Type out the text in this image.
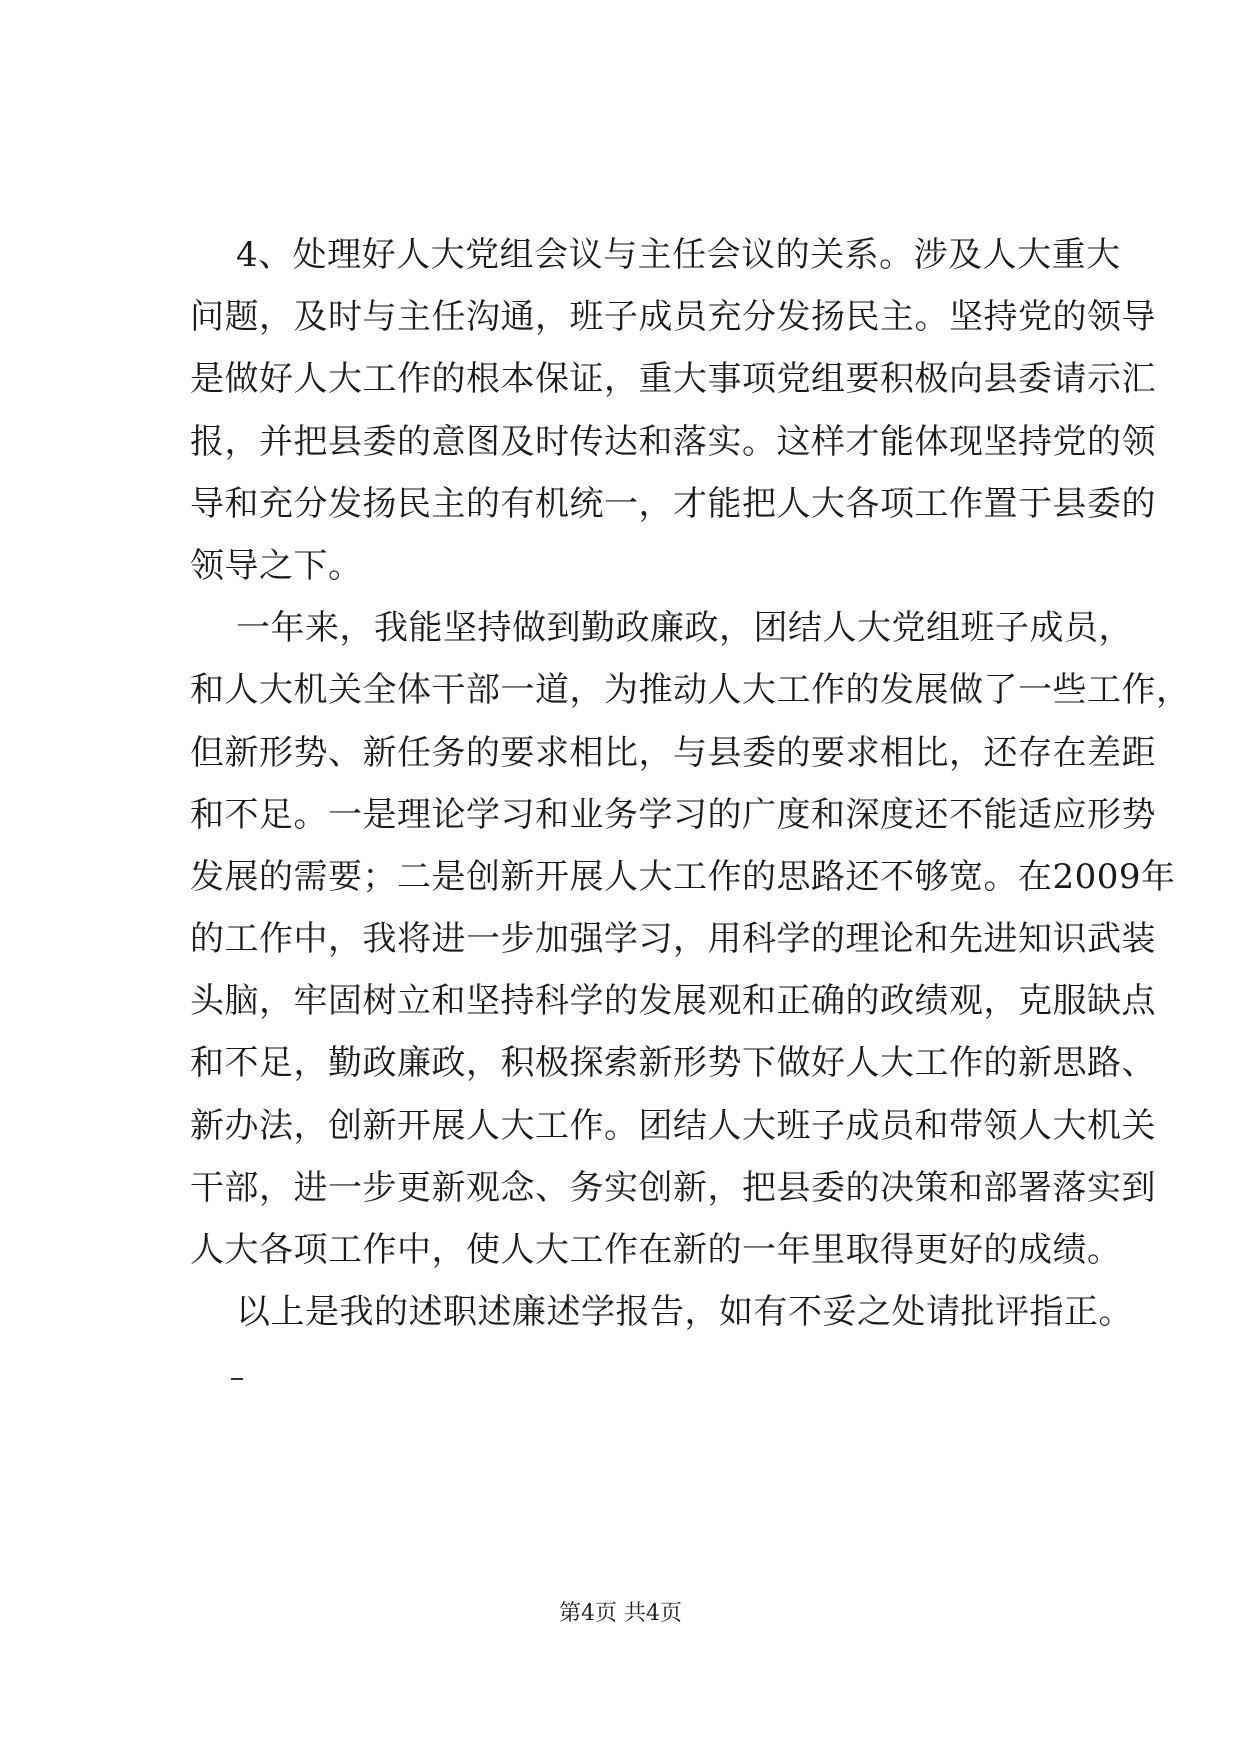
4、处理好人大党组会议与主任会议的关系。涉及人大重大
问题，及时与主任沟通，班子成员充分发扬民主。坚持党的领导
是做好人大工作的根本保证，重大事项党组要积极向县委请示汇
报，并把县委的意图及时传达和落实。这样才能体现坚持党的领
导和充分发扬民主的有机统一，才能把人大各项工作置于县委的
领导之下。
一年来，我能坚持做到勤政廉政，团结人大党组班子成员，
和人大机关全体干部一道，为推动人大工作的发展做了一些工作，
但新形势、新任务的要求相比，与县委的要求相比，还存在差距
和不足。一是理论学习和业务学习的广度和深度还不能适应形势
发展的需要；二是创新开展人大工作的思路还不够宽。在2009年
的工作中，我将进一步加强学习，用科学的理论和先进知识武装
头脑，牢固树立和坚持科学的发展观和正确的政绩观，克服缺点
和不足，勤政廉政，积极探索新形势下做好人大工作的新思路、
新办法，创新开展人大工作。团结人大班子成员和带领人大机关
干部，进一步更新观念、务实创新，把县委的决策和部署落实到
人大各项工作中，使人大工作在新的一年里取得更好的成绩。
以上是我的述职述廉述学报告，如有不妥之处请批评指正。
第4页 共4页
